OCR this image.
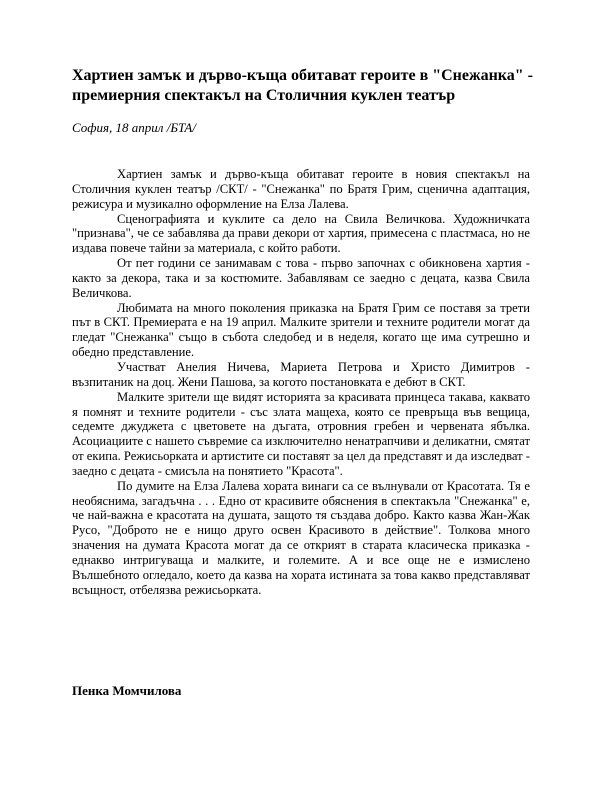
Хартиен замък и дърво-къща обитават героите в "Снежанка" - премиерния спектакъл на Столичния куклен театър

София, 18 април /БТА/

Хартиен замък и дърво-къща обитават героите в новия спектакъл на Столичния куклен театър /СКТ/ - "Снежанка" по Братя Грим, сценична адаптация, режисура и музикално оформление на Елза Лалева.

Сценографията и куклите са дело на Свила Величкова. Художничката "признава", че се забавлява да прави декори от хартия, примесена с пластмаса, но не издава повече тайни за материала, с който работи.

От пет години се занимавам с това - първо започнах с обикновена хартия - както за декора, така и за костюмите. Забавлявам се заедно с децата, казва Свила Величкова.

Любимата на много поколения приказка на Братя Грим се поставя за трети път в СКТ. Премиерата е на 19 април. Малките зрители и техните родители могат да гледат "Снежанка" също в събота следобед и в неделя, когато ще има сутрешно и обедно представление.

Участват Анелия Ничева, Мариета Петрова и Христо Димитров - възпитаник на доц. Жени Пашова, за когото постановката е дебют в СКТ.

Малките зрители ще видят историята за красивата принцеса такава, каквато я помнят и техните родители - със злата мащеха, която се превръща във вещица, седемте джуджета с цветовете на дъгата, отровния гребен и червената ябълка. Асоциациите с нашето съвремие са изключително ненатрапчиви и деликатни, смятат от екипа. Режисьорката и артистите си поставят за цел да представят и да изследват - заедно с децата - смисъла на понятието "Красота".

По думите на Елза Лалева хората винаги са се вълнували от Красотата. Тя е необяснима, загадъчна . . . Едно от красивите обяснения в спектакъла "Снежанка" е, че най-важна е красотата на душата, защото тя създава добро. Както казва Жан-Жак Русо, "Доброто не е нищо друго освен Красивото в действие". Толкова много значения на думата Красота могат да се открият в старата класическа приказка - еднакво интригуваща и малките, и големите. А и все още не е измислено Вълшебното огледало, което да казва на хората истината за това какво представляват всъщност, отбелязва режисьорката.

Пенка Момчилова
